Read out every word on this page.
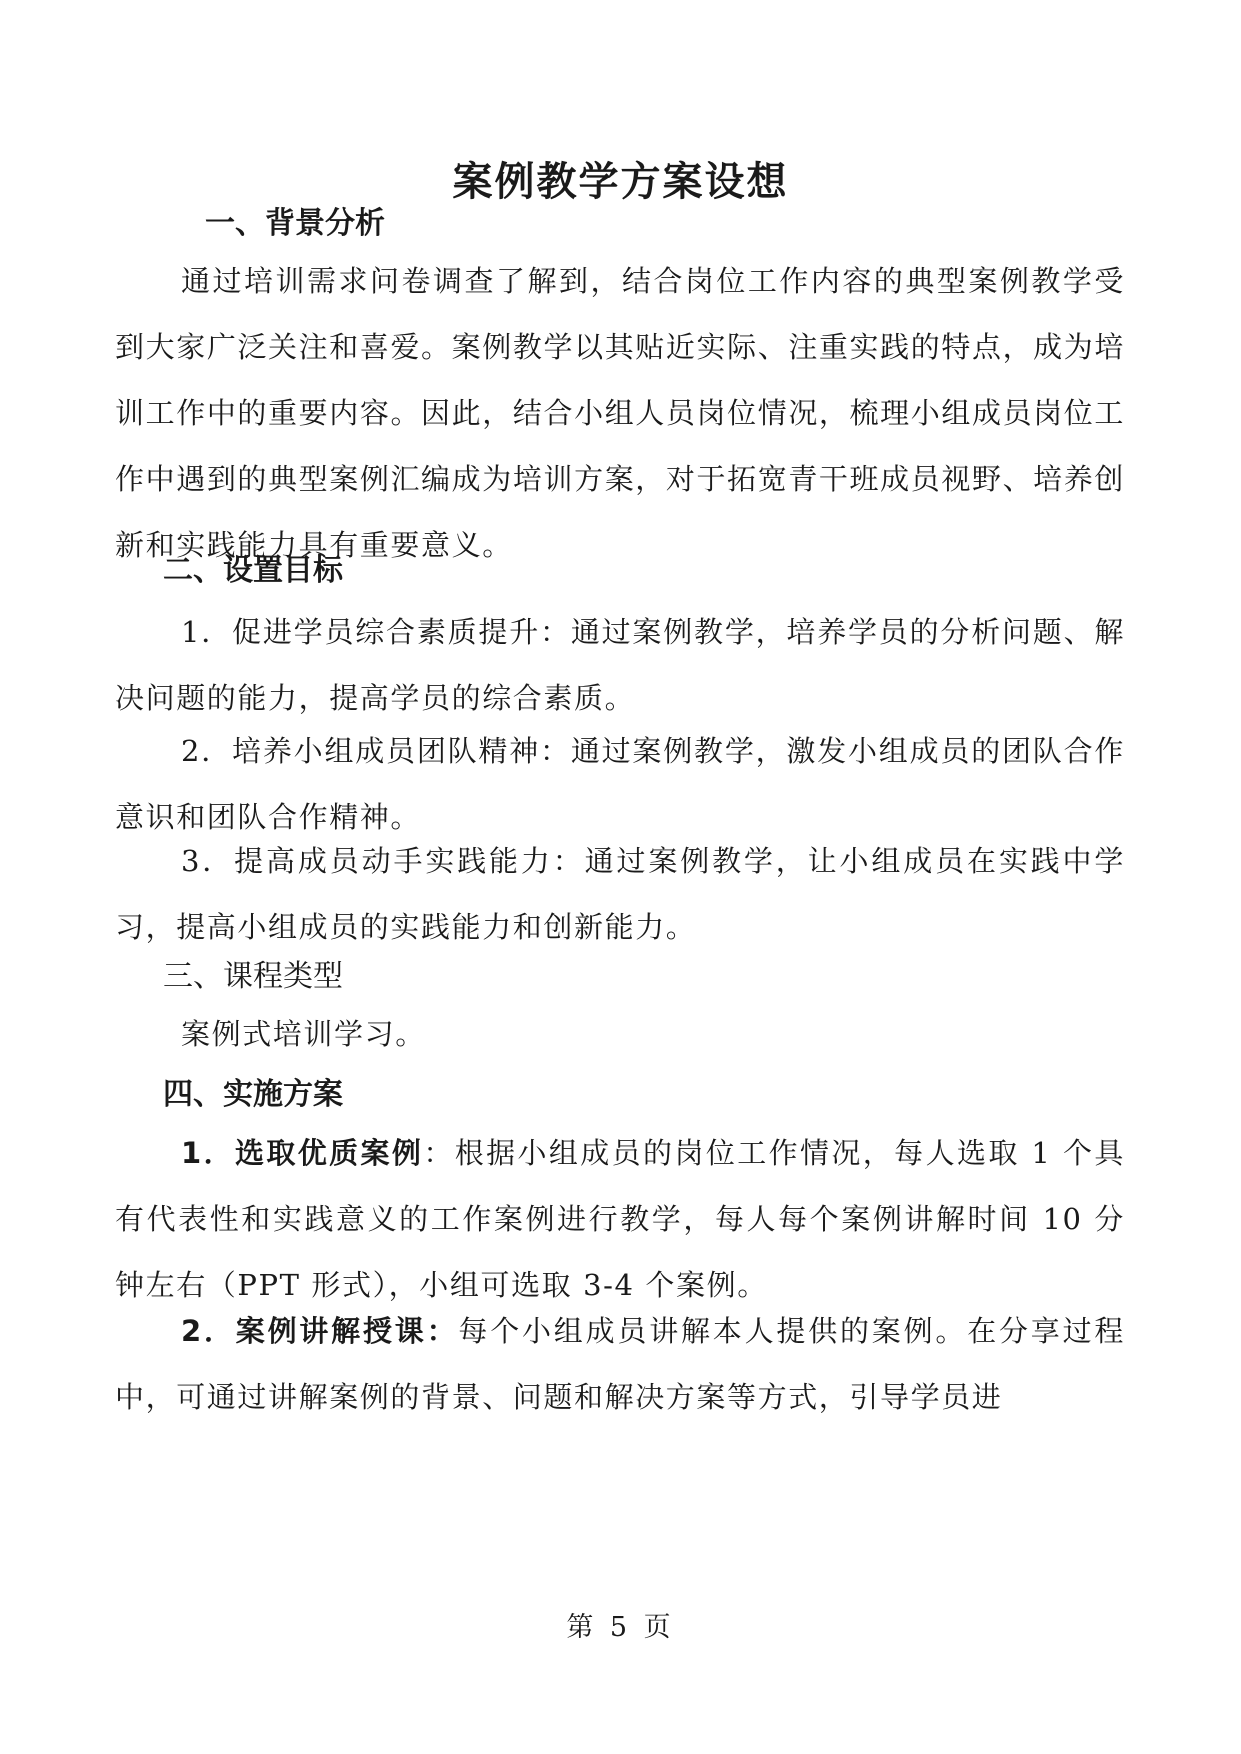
案例教学方案设想
一、背景分析

通过培训需求问卷调查了解到，结合岗位工作内容的典型案例教学受到大家广泛关注和喜爱。案例教学以其贴近实际、注重实践的特点，成为培训工作中的重要内容。因此，结合小组人员岗位情况，梳理小组成员岗位工作中遇到的典型案例汇编成为培训方案，对于拓宽青干班成员视野、培养创新和实践能力具有重要意义。

二、设置目标

1．促进学员综合素质提升：通过案例教学，培养学员的分析问题、解决问题的能力，提高学员的综合素质。

2．培养小组成员团队精神：通过案例教学，激发小组成员的团队合作意识和团队合作精神。

3．提高成员动手实践能力：通过案例教学，让小组成员在实践中学习，提高小组成员的实践能力和创新能力。

三、课程类型

案例式培训学习。

四、实施方案

1．选取优质案例：根据小组成员的岗位工作情况，每人选取 1 个具有代表性和实践意义的工作案例进行教学，每人每个案例讲解时间 10 分钟左右（PPT 形式），小组可选取 3-4 个案例。

2．案例讲解授课：每个小组成员讲解本人提供的案例。在分享过程中，可通过讲解案例的背景、问题和解决方案等方式，引导学员进

第 5 页
